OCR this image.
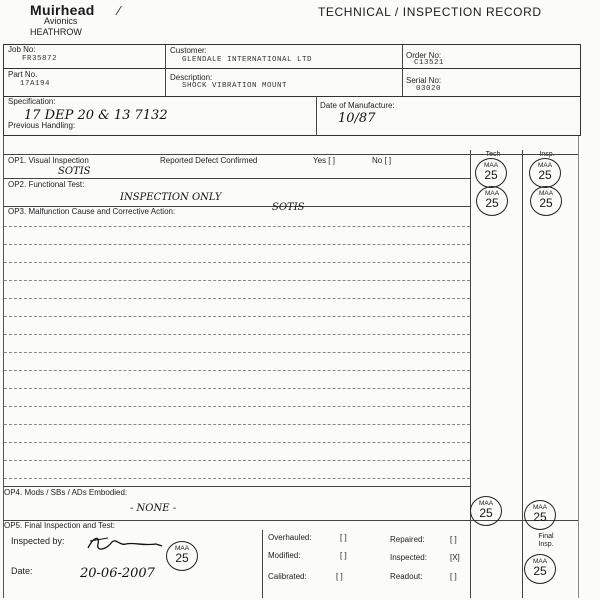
Muirhead ∕
Avionics
HEATHROW
TECHNICAL / INSPECTION RECORD
Job No:
FR35872
Customer:
GLENDALE INTERNATIONAL LTD	Order No:
C13521
Part No.
17A194
Description:
SHOCK VIBRATION MOUNT
Serial No:
03020
Specification:
17 DEP 20 & 13 7132
Date of Manufacture:
10/87
Previous Handling:
Tech	Insp.
OP1. Visual Inspection	Reported Defect Confirmed	Yes [ ]	No [ ]
SOTIS
OP2. Functional Test:
INSPECTION ONLY
OP3. Malfunction Cause and Corrective Action:	SOTIS
OP4. Mods / SBs / ADs Embodied:
- NONE -
OP5. Final Inspection and Test:
Inspected by:
Date:	20-06-2007
Overhauled:	[ ]
Modified:	[ ]
Calibrated:	[ ]
Repaired:	[ ]
Inspected:	[X]
Readout:	[ ]
Final Insp.
MAA
25
MAA
25
MAA
25
MAA
25
MAA
25	MAA
25
MAA
25	MAA
25
